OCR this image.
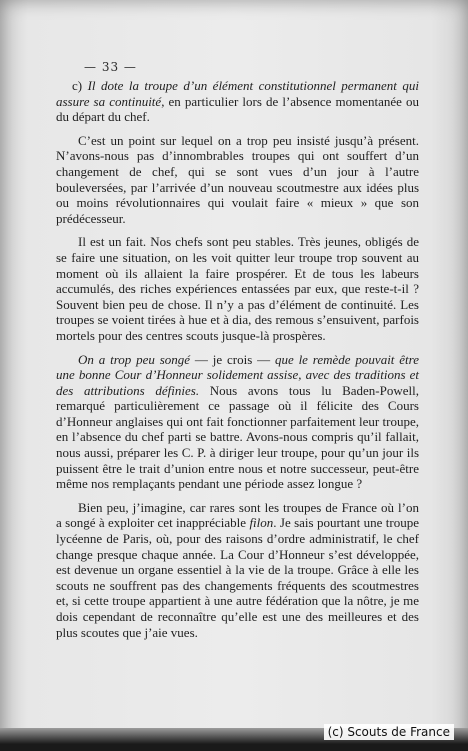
— 33 —

c) Il dote la troupe d’un élément constitutionnel permanent qui assure sa continuité, en particulier lors de l’absence momentanée ou du départ du chef.

C’est un point sur lequel on a trop peu insisté jusqu’à présent. N’avons-nous pas d’innombrables troupes qui ont souffert d’un changement de chef, qui se sont vues d’un jour à l’autre bouleversées, par l’arrivée d’un nouveau scoutmestre aux idées plus ou moins révolutionnaires qui voulait faire « mieux » que son prédécesseur.

Il est un fait. Nos chefs sont peu stables. Très jeunes, obligés de se faire une situation, on les voit quitter leur troupe trop souvent au moment où ils allaient la faire prospérer. Et de tous les labeurs accumulés, des riches expériences entassées par eux, que reste-t-il ? Souvent bien peu de chose. Il n’y a pas d’élément de continuité. Les troupes se voient tirées à hue et à dia, des remous s’ensuivent, parfois mortels pour des centres scouts jusque-là prospères.

On a trop peu songé — je crois — que le remède pouvait être une bonne Cour d’Honneur solidement assise, avec des traditions et des attributions définies. Nous avons tous lu Baden-Powell, remarqué particulièrement ce passage où il félicite des Cours d’Honneur anglaises qui ont fait fonctionner parfaitement leur troupe, en l’absence du chef parti se battre. Avons-nous compris qu’il fallait, nous aussi, préparer les C. P. à diriger leur troupe, pour qu’un jour ils puissent être le trait d’union entre nous et notre successeur, peut-être même nos remplaçants pendant une période assez longue ?

Bien peu, j’imagine, car rares sont les troupes de France où l’on a songé à exploiter cet inappréciable filon. Je sais pourtant une troupe lycéenne de Paris, où, pour des raisons d’ordre administratif, le chef change presque chaque année. La Cour d’Honneur s’est développée, est devenue un organe essentiel à la vie de la troupe. Grâce à elle les scouts ne souffrent pas des changements fréquents des scoutmestres et, si cette troupe appartient à une autre fédération que la nôtre, je me dois cependant de reconnaître qu’elle est une des meilleures et des plus scoutes que j’aie vues.

(c) Scouts de France
